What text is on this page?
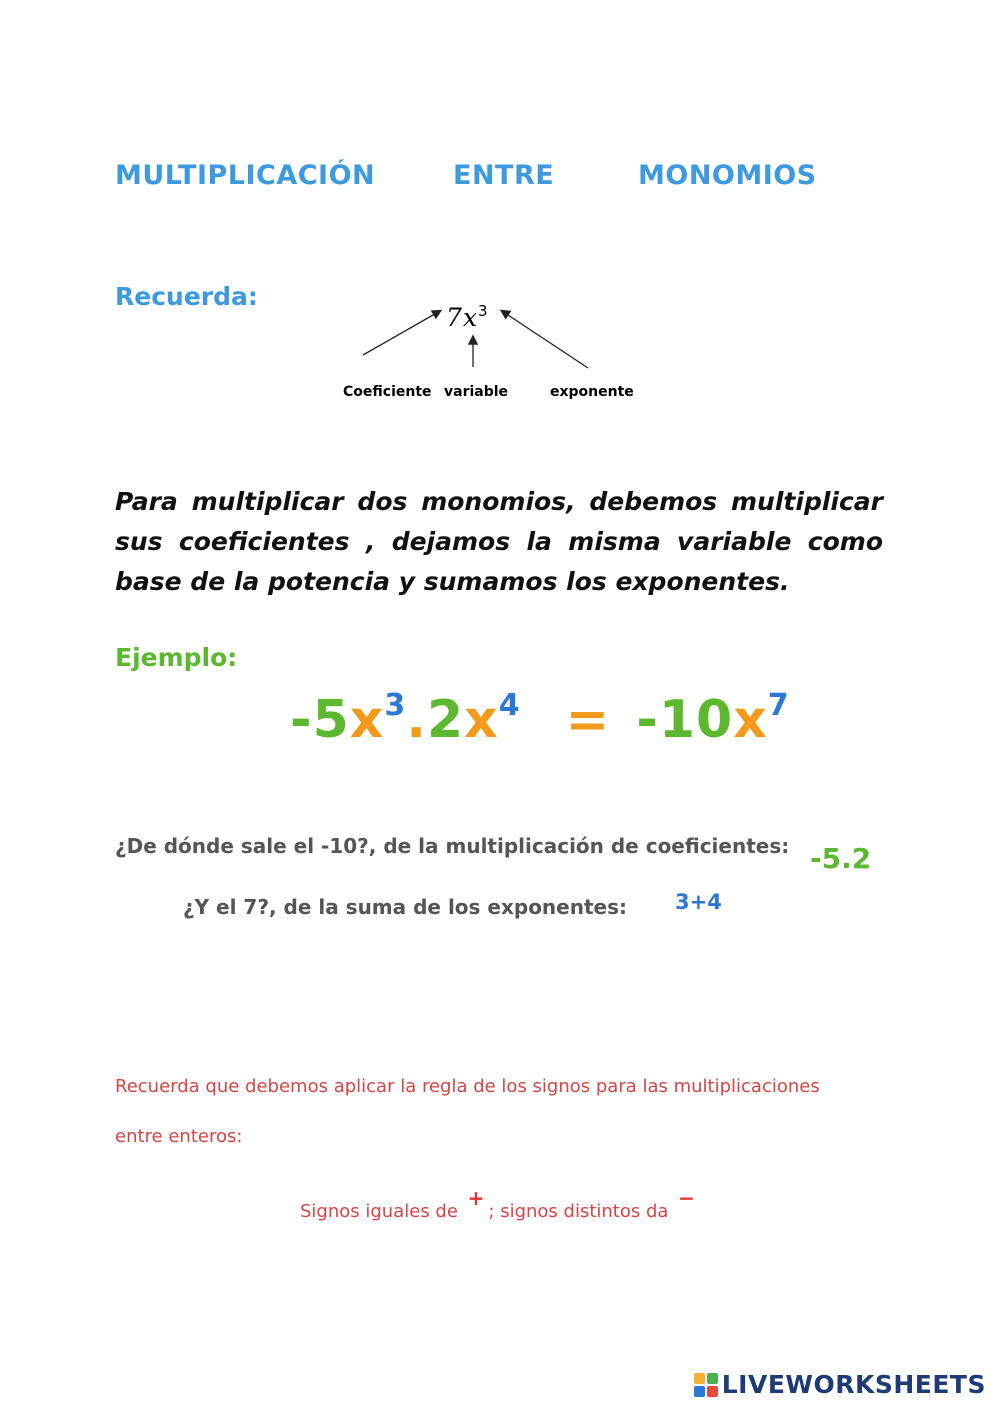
MULTIPLICACIÓN	ENTRE	MONOMIOS
Recuerda:
7 x 3
Coeficiente variable	exponente
Para multiplicar dos monomios, debemos multiplicar sus coeficientes , dejamos la misma variable como base de la potencia y sumamos los exponentes.
Ejemplo:
$-5x^3.2x^4 = -10x^7$
¿De dónde sale el -10?, de la multiplicación de coeficientes: -5.2
¿Y el 7?, de la suma de los exponentes: 3+4
Recuerda que debemos aplicar la regla de los signos para las multiplicaciones
entre enteros:
Signos iguales de +; signos distintos da −
LIVEWORKSHEETS
